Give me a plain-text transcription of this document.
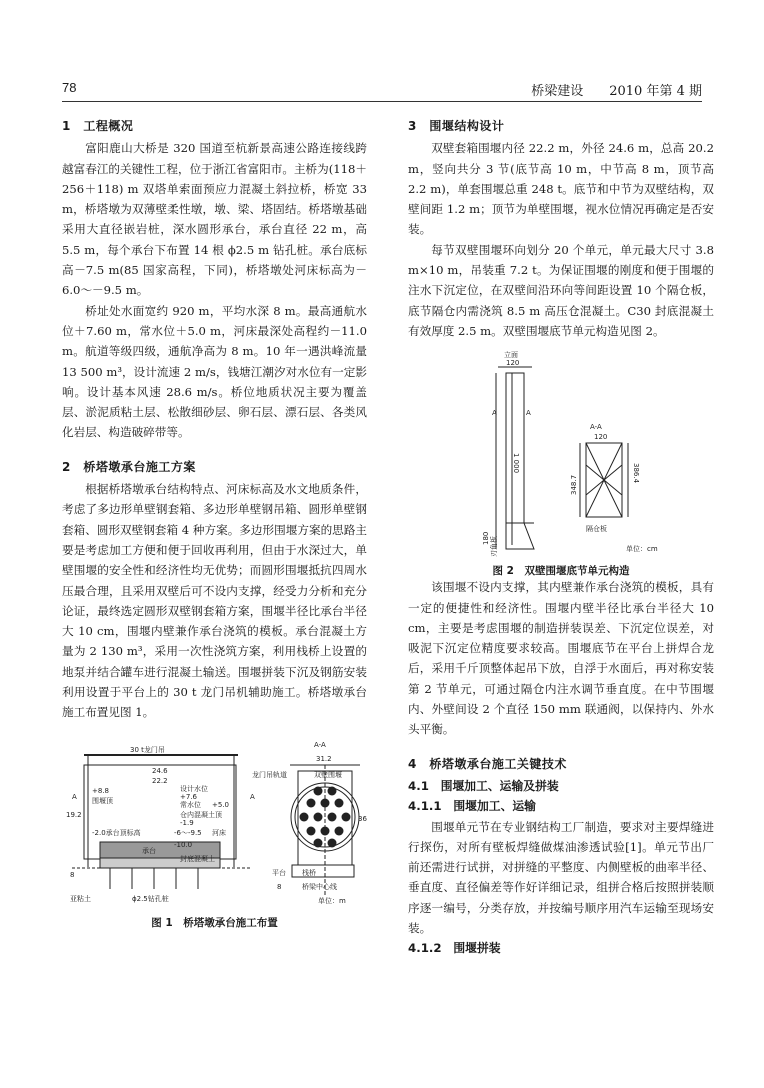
78	桥梁建设　　2010 年第 4 期
1　工程概况

富阳鹿山大桥是 320 国道至杭新景高速公路连接线跨越富春江的关键性工程，位于浙江省富阳市。主桥为(118＋256＋118) m 双塔单索面预应力混凝土斜拉桥，桥宽 33 m，桥塔墩为双薄壁柔性墩，墩、梁、塔固结。桥塔墩基础采用大直径嵌岩桩，深水圆形承台，承台直径 22 m，高 5.5 m，每个承台下布置 14 根 ϕ2.5 m 钻孔桩。承台底标高－7.5 m(85 国家高程，下同)，桥塔墩处河床标高为－6.0～－9.5 m。

桥址处水面宽约 920 m，平均水深 8 m。最高通航水位＋7.60 m，常水位＋5.0 m，河床最深处高程约－11.0 m。航道等级四级，通航净高为 8 m。10 年一遇洪峰流量 13 500 m³，设计流速 2 m/s，钱塘江潮汐对水位有一定影响。设计基本风速 28.6 m/s。桥位地质状况主要为覆盖层、淤泥质粘土层、松散细砂层、卵石层、漂石层、各类风化岩层、构造破碎带等。

2　桥塔墩承台施工方案

根据桥塔墩承台结构特点、河床标高及水文地质条件，考虑了多边形单壁钢套箱、多边形单壁钢吊箱、圆形单壁钢套箱、圆形双壁钢套箱 4 种方案。多边形围堰方案的思路主要是考虑加工方便和便于回收再利用，但由于水深过大，单壁围堰的安全性和经济性均无优势；而圆形围堰抵抗四周水压最合理，且采用双壁后可不设内支撑，经受力分析和充分论证，最终选定圆形双壁钢套箱方案，围堰半径比承台半径大 10 cm，围堰内壁兼作承台浇筑的模板。承台混凝土方量为 2 130 m³，采用一次性浇筑方案，利用栈桥上设置的地泵并结合罐车进行混凝土输送。围堰拼装下沉及钢筋安装利用设置于平台上的 30 t 龙门吊机辅助施工。桥塔墩承台施工布置见图 1。

30 t龙门吊
24.6
22.2
+8.8
围堰顶
设计水位
+7.6
常水位 +5.0
仓内混凝土顶
-1.9
-2.0承台顶标高	-6～-9.5 河床
承台
-10.0
封底混凝土
19.2
8
亚粘土	ϕ2.5钻孔桩
A-A
31.2
龙门吊轨道	双壁围堰
36
平台 栈桥
桥梁中心线
8
单位：m
A	A
图 1　桥塔墩承台施工布置
3　围堰结构设计

双壁套箱围堰内径 22.2 m，外径 24.6 m，总高 20.2 m，竖向共分 3 节(底节高 10 m，中节高 8 m，顶节高 2.2 m)，单套围堰总重 248 t。底节和中节为双壁结构，双壁间距 1.2 m；顶节为单壁围堰，视水位情况再确定是否安装。

每节双壁围堰环向划分 20 个单元，单元最大尺寸 3.8 m×10 m，吊装重 7.2 t。为保证围堰的刚度和便于围堰的注水下沉定位，在双壁间沿环向等间距设置 10 个隔仓板，底节隔仓内需浇筑 8.5 m 高压仓混凝土。C30 封底混凝土有效厚度 2.5 m。双壁围堰底节单元构造见图 2。

立面
120
1 000
180 刃角板
A	A
A-A
120
348.7
386.4
隔仓板
单位：cm
图 2　双壁围堰底节单元构造

该围堰不设内支撑，其内壁兼作承台浇筑的模板，具有一定的便捷性和经济性。围堰内壁半径比承台半径大 10 cm，主要是考虑围堰的制造拼装误差、下沉定位误差，对吸泥下沉定位精度要求较高。围堰底节在平台上拼焊合龙后，采用千斤顶整体起吊下放，自浮于水面后，再对称安装第 2 节单元，可通过隔仓内注水调节垂直度。在中节围堰内、外壁间设 2 个直径 150 mm 联通阀，以保持内、外水头平衡。

4　桥塔墩承台施工关键技术
4.1　围堰加工、运输及拼装
4.1.1　围堰加工、运输

围堰单元节在专业钢结构工厂制造，要求对主要焊缝进行探伤，对所有壁板焊缝做煤油渗透试验[1]。单元节出厂前还需进行试拼，对拼缝的平整度、内侧壁板的曲率半径、垂直度、直径偏差等作好详细记录，组拼合格后按照拼装顺序逐一编号，分类存放，并按编号顺序用汽车运输至现场安装。

4.1.2　围堰拼装
